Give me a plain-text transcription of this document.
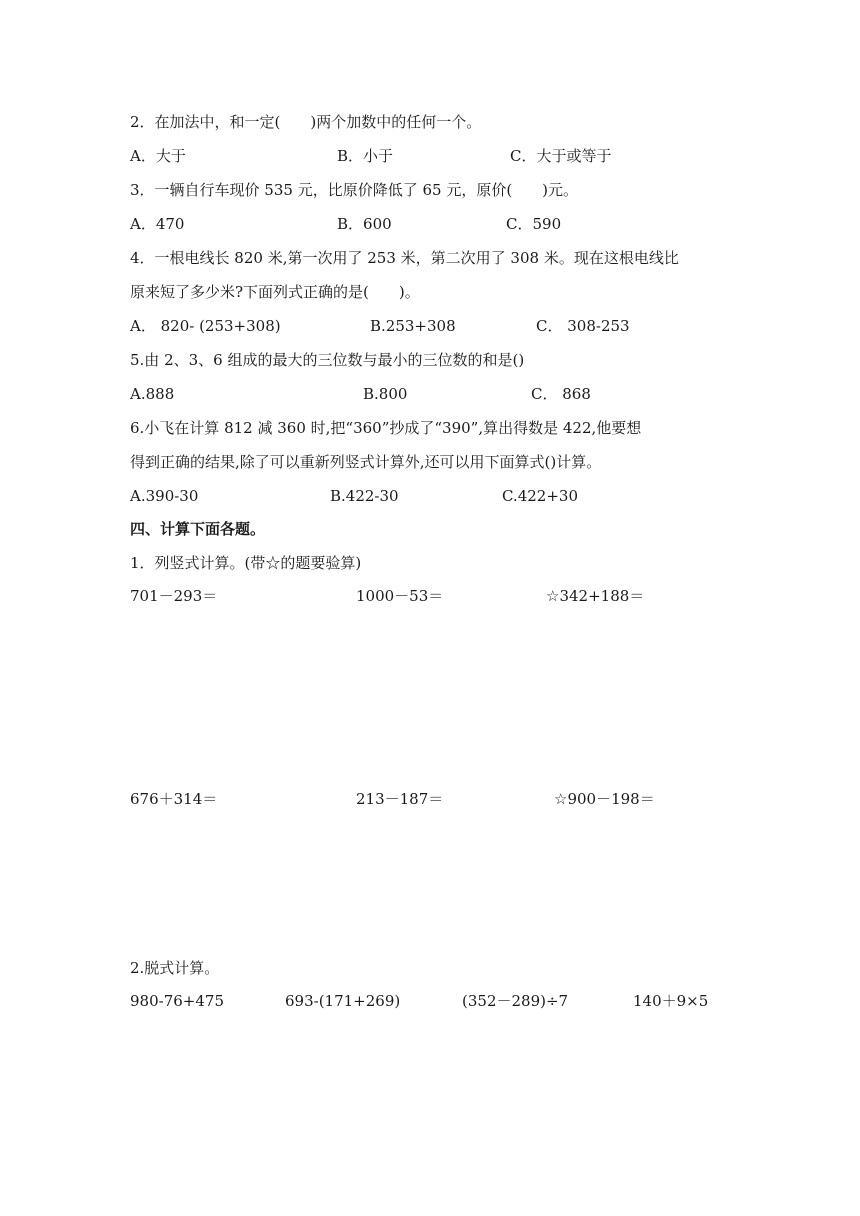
2．在加法中，和一定(　　)两个加数中的任何一个。
A．大于	B．小于	C．大于或等于
3．一辆自行车现价 535 元，比原价降低了 65 元，原价(　　)元。
A．470	B．600	C．590
4．一根电线长 820 米,第一次用了 253 米，第二次用了 308 米。现在这根电线比
原来短了多少米?下面列式正确的是(　　)。
A． 820- (253+308)	B.253+308	C． 308-253
5.由 2、3、6 组成的最大的三位数与最小的三位数的和是()
A.888	B.800	C． 868
6.小飞在计算 812 减 360 时,把“360”抄成了“390”,算出得数是 422,他要想
得到正确的结果,除了可以重新列竖式计算外,还可以用下面算式()计算。
A.390-30	B.422-30	C.422+30
四、计算下面各题。
1．列竖式计算。(带☆的题要验算)
701－293＝	1000－53＝	☆342+188＝
676＋314＝	213－187＝	☆900－198＝
2.脱式计算。
980-76+475	693-(171+269)	(352－289)÷7	140＋9×5
